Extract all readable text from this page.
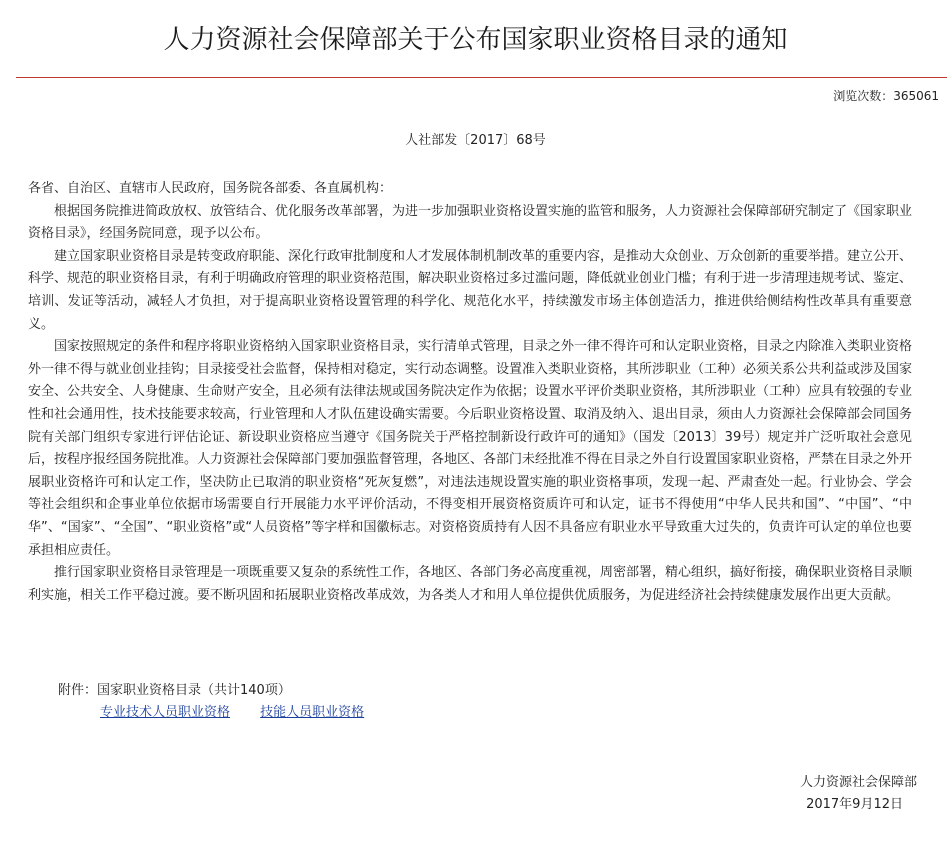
人力资源社会保障部关于公布国家职业资格目录的通知
浏览次数：365061
人社部发〔2017〕68号

各省、自治区、直辖市人民政府，国务院各部委、各直属机构：

根据国务院推进简政放权、放管结合、优化服务改革部署，为进一步加强职业资格设置实施的监管和服务，人力资源社会保障部研究制定了《国家职业资格目录》，经国务院同意，现予以公布。

建立国家职业资格目录是转变政府职能、深化行政审批制度和人才发展体制机制改革的重要内容，是推动大众创业、万众创新的重要举措。建立公开、科学、规范的职业资格目录，有利于明确政府管理的职业资格范围，解决职业资格过多过滥问题，降低就业创业门槛；有利于进一步清理违规考试、鉴定、培训、发证等活动，减轻人才负担，对于提高职业资格设置管理的科学化、规范化水平，持续激发市场主体创造活力，推进供给侧结构性改革具有重要意义。

国家按照规定的条件和程序将职业资格纳入国家职业资格目录，实行清单式管理，目录之外一律不得许可和认定职业资格，目录之内除准入类职业资格外一律不得与就业创业挂钩；目录接受社会监督，保持相对稳定，实行动态调整。设置准入类职业资格，其所涉职业（工种）必须关系公共利益或涉及国家安全、公共安全、人身健康、生命财产安全，且必须有法律法规或国务院决定作为依据；设置水平评价类职业资格，其所涉职业（工种）应具有较强的专业性和社会通用性，技术技能要求较高，行业管理和人才队伍建设确实需要。今后职业资格设置、取消及纳入、退出目录，须由人力资源社会保障部会同国务院有关部门组织专家进行评估论证、新设职业资格应当遵守《国务院关于严格控制新设行政许可的通知》（国发〔2013〕39号）规定并广泛听取社会意见后，按程序报经国务院批准。人力资源社会保障部门要加强监督管理，各地区、各部门未经批准不得在目录之外自行设置国家职业资格，严禁在目录之外开展职业资格许可和认定工作，坚决防止已取消的职业资格“死灰复燃”，对违法违规设置实施的职业资格事项，发现一起、严肃查处一起。行业协会、学会等社会组织和企事业单位依据市场需要自行开展能力水平评价活动，不得变相开展资格资质许可和认定，证书不得使用“中华人民共和国”、“中国”、“中华”、“国家”、“全国”、“职业资格”或“人员资格”等字样和国徽标志。对资格资质持有人因不具备应有职业水平导致重大过失的，负责许可认定的单位也要承担相应责任。

推行国家职业资格目录管理是一项既重要又复杂的系统性工作，各地区、各部门务必高度重视，周密部署，精心组织，搞好衔接，确保职业资格目录顺利实施，相关工作平稳过渡。要不断巩固和拓展职业资格改革成效，为各类人才和用人单位提供优质服务，为促进经济社会持续健康发展作出更大贡献。

附件：国家职业资格目录（共计140项）
专业技术人员职业资格 技能人员职业资格
人力资源社会保障部
2017年9月12日
